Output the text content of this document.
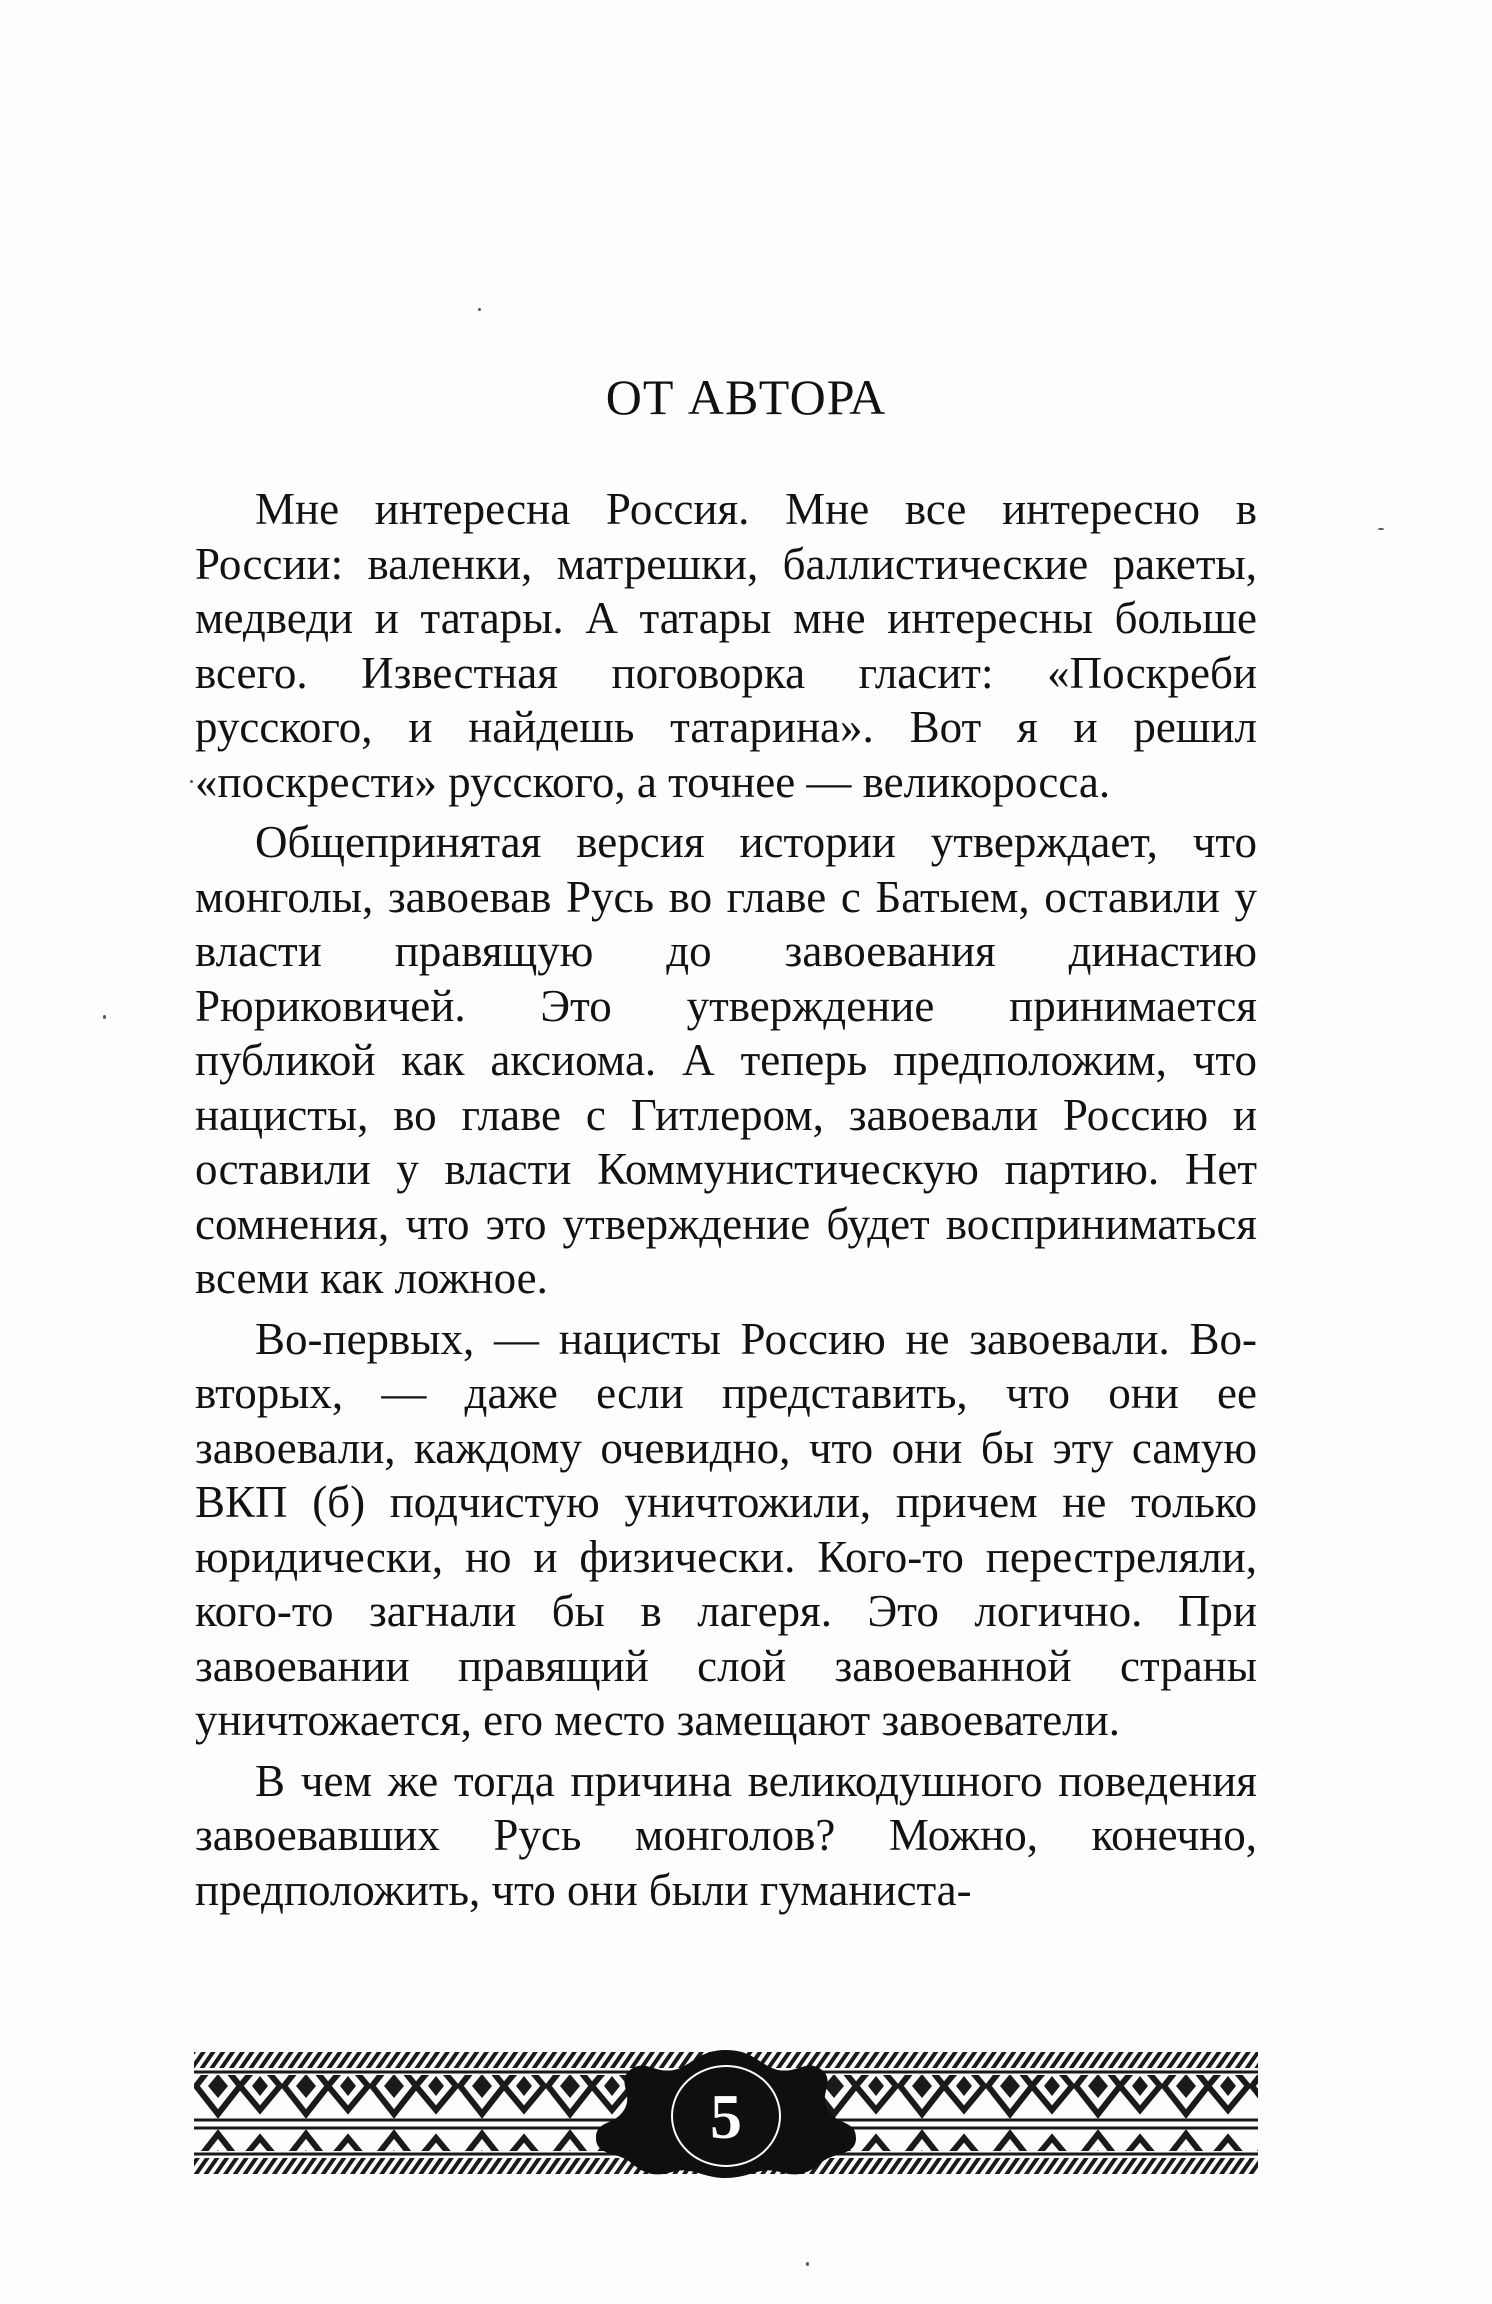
ОТ АВТОРА

Мне интересна Россия. Мне все интересно в России: валенки, матрешки, баллистические ракеты, медведи и татары. А татары мне интересны больше всего. Известная поговорка гласит: «Поскреби русского, и найдешь татарина». Вот я и решил «поскрести» русского, а точнее — великоросса.

Общепринятая версия истории утверждает, что монголы, завоевав Русь во главе с Батыем, оставили у власти правящую до завоевания династию Рюриковичей. Это утверждение принимается публикой как аксиома. А теперь предположим, что нацисты, во главе с Гитлером, завоевали Россию и оставили у власти Коммунистическую партию. Нет сомнения, что это утверждение будет восприниматься всеми как ложное.

Во-первых, — нацисты Россию не завоевали. Во-вторых, — даже если представить, что они ее завоевали, каждому очевидно, что они бы эту самую ВКП (б) подчистую уничтожили, причем не только юридически, но и физически. Кого-то перестреляли, кого-то загнали бы в лагеря. Это логично. При завоевании правящий слой завоеванной страны уничтожается, его место замещают завоеватели.

В чем же тогда причина великодушного поведения завоевавших Русь монголов? Можно, конечно, предположить, что они были гуманиста-

5
